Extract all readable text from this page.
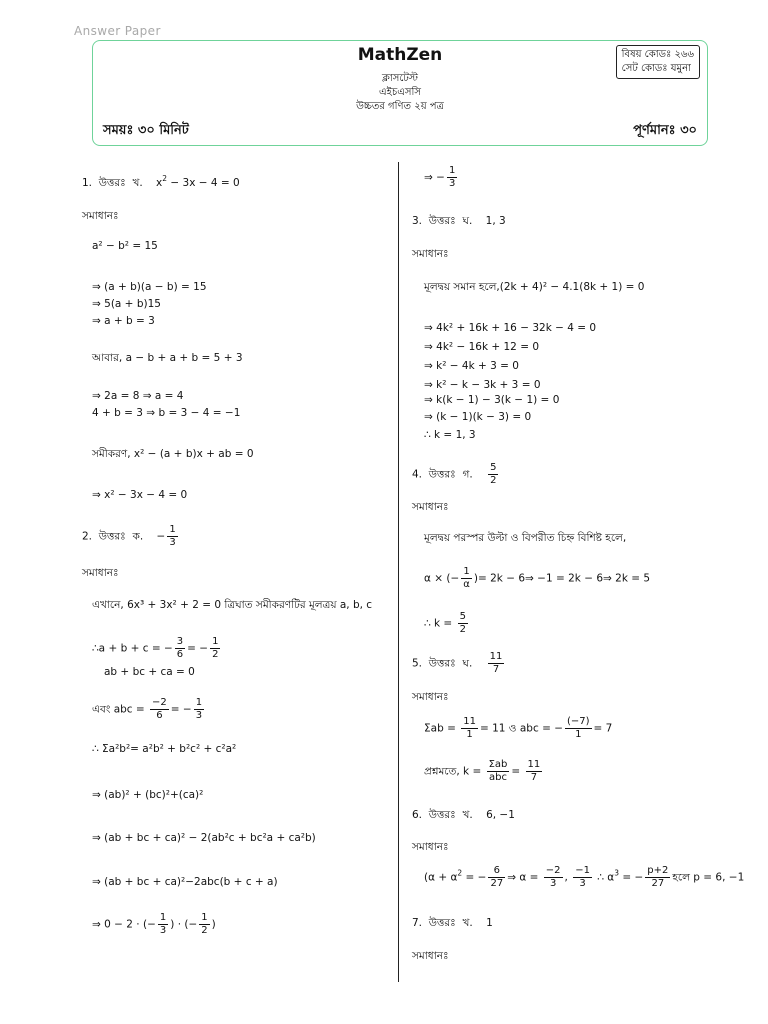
Answer Paper
MathZen
ক্লাসটেস্ট
এইচএসসি
উচ্চতর গণিত ২য় পত্র
বিষয় কোডঃ ২৬৬
সেট কোডঃ যমুনা
সময়ঃ ৩০ মিনিট	পূর্ণমানঃ ৩০
1. উত্তরঃ খ.    $x^2 - 3x - 4 = 0$
সমাধানঃ
a² − b² = 15
⇒ (a + b)(a − b) = 15
⇒ 5(a + b)15
⇒ a + b = 3
আবার, a − b + a + b = 5 + 3
⇒ 2a = 8 ⇒ a = 4
4 + b = 3 ⇒ b = 3 − 4 = −1
সমীকরণ, x² − (a + b)x + ab = 0
⇒ x² − 3x − 4 = 0
2. উত্তরঃ ক.    − $\frac{1}{3}$
সমাধানঃ
এখানে, 6x³ + 3x² + 2 = 0 ত্রিঘাত সমীকরণটির মূলত্রয় a, b, c
∴a + b + c = − $\frac{3}{6}$ = − $\frac{1}{2}$
ab + bc + ca = 0
এবং abc = $\frac{-2}{6}$ = − $\frac{1}{3}$
∴ Σa²b²= a²b² + b²c² + c²a²
⇒ (ab)² + (bc)²+(ca)²
⇒ (ab + bc + ca)² − 2(ab²c + bc²a + ca²b)
⇒ (ab + bc + ca)²−2abc(b + c + a)
⇒ 0 − 2 · (− $\frac{1}{3}$ ) · (− $\frac{1}{2}$ )
⇒ − $\frac{1}{3}$
3. উত্তরঃ ঘ. 1, 3
সমাধানঃ
মূলদ্বয় সমান হলে,(2k + 4)² − 4.1(8k + 1) = 0
⇒ 4k² + 16k + 16 − 32k − 4 = 0
⇒ 4k² − 16k + 12 = 0
⇒ k² − 4k + 3 = 0
⇒ k² − k − 3k + 3 = 0
⇒ k(k − 1) − 3(k − 1) = 0
⇒ (k − 1)(k − 3) = 0
∴ k = 1, 3
4. উত্তরঃ গ. $\frac{5}{2}$
সমাধানঃ
মূলদ্বয় পরস্পর উল্টা ও বিপরীত চিহ্ন বিশিষ্ট হলে,
α × (− $\frac{1}{\alpha}$ )= 2k − 6⇒ −1 = 2k − 6⇒ 2k = 5
∴ $k = \frac{5}{2}$
5. উত্তরঃ ঘ. $\frac{11}{7}$
সমাধানঃ
$\Sigma ab = \frac{11}{1} = 11$ ও abc = − $\frac{(-7)}{1} = 7$
প্রশ্নমতে, $k = \frac{\text{Σab}}{\text{abc}} = \frac{11}{7}$
6. উত্তরঃ খ. 6, −1
সমাধানঃ
($\alpha + \alpha^2$ = − $\frac{6}{27}$ ⇒ $\alpha = \frac{-2}{3}$ , $\frac{-1}{3}$ ∴ $\alpha^3$ = − $\frac{p+2}{27}$ হলে p = 6, −1
7. উত্তরঃ খ. 1
সমাধানঃ
